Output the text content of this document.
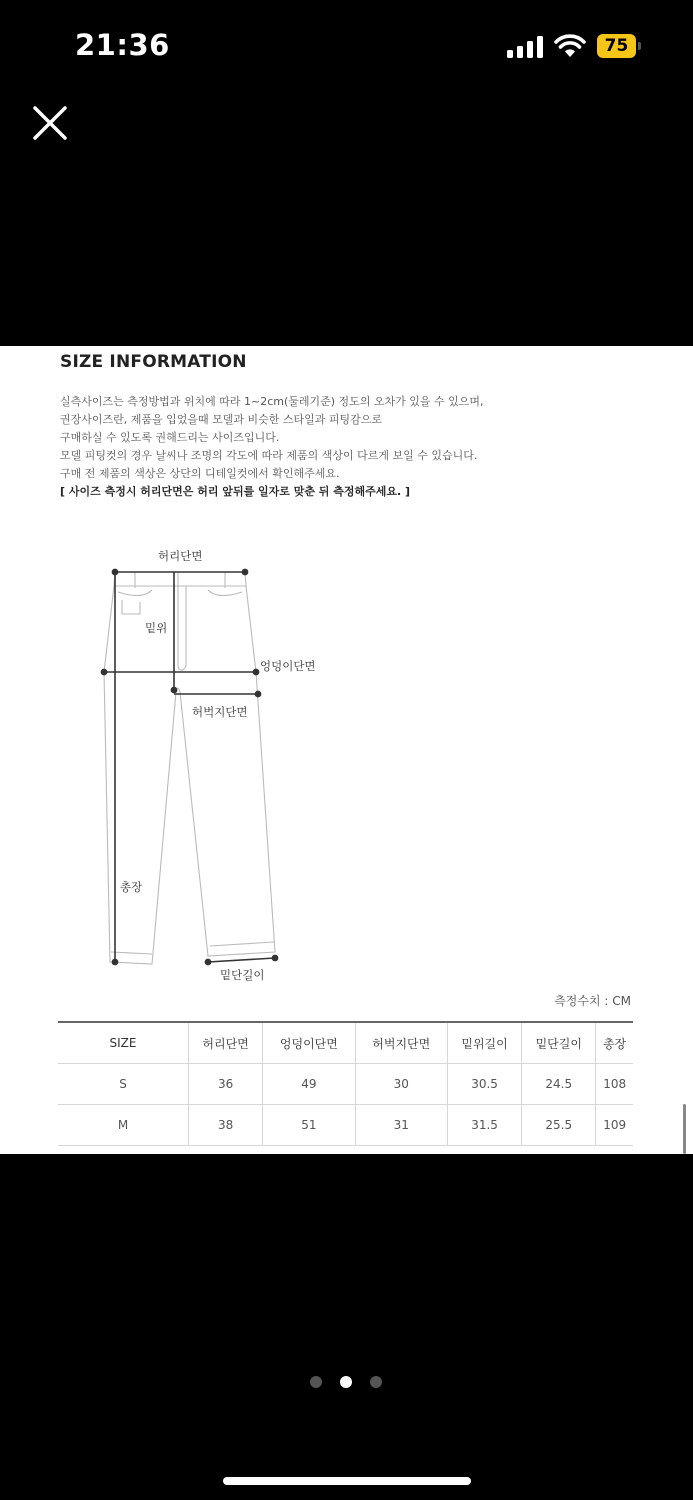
21:36	75
SIZE INFORMATION
실측사이즈는 측정방법과 위치에 따라 1~2cm(둘레기준) 정도의 오차가 있을 수 있으며,
권장사이즈란, 제품을 입었을때 모델과 비슷한 스타일과 피팅감으로
구매하실 수 있도록 권해드리는 사이즈입니다.
모델 피팅컷의 경우 날씨나 조명의 각도에 따라 제품의 색상이 다르게 보일 수 있습니다.
구매 전 제품의 색상은 상단의 디테일컷에서 확인해주세요.
[ 사이즈 측정시 허리단면은 허리 앞뒤를 일자로 맞춘 뒤 측정해주세요. ]
허리단면
밑위
엉덩이단면
허벅지단면
총장
밑단길이
측정수치 : CM
SIZE	허리단면	엉덩이단면	허벅지단면	밑위길이	밑단길이	총장
S	36	49	30	30.5	24.5	108
M	38	51	31	31.5	25.5	109
